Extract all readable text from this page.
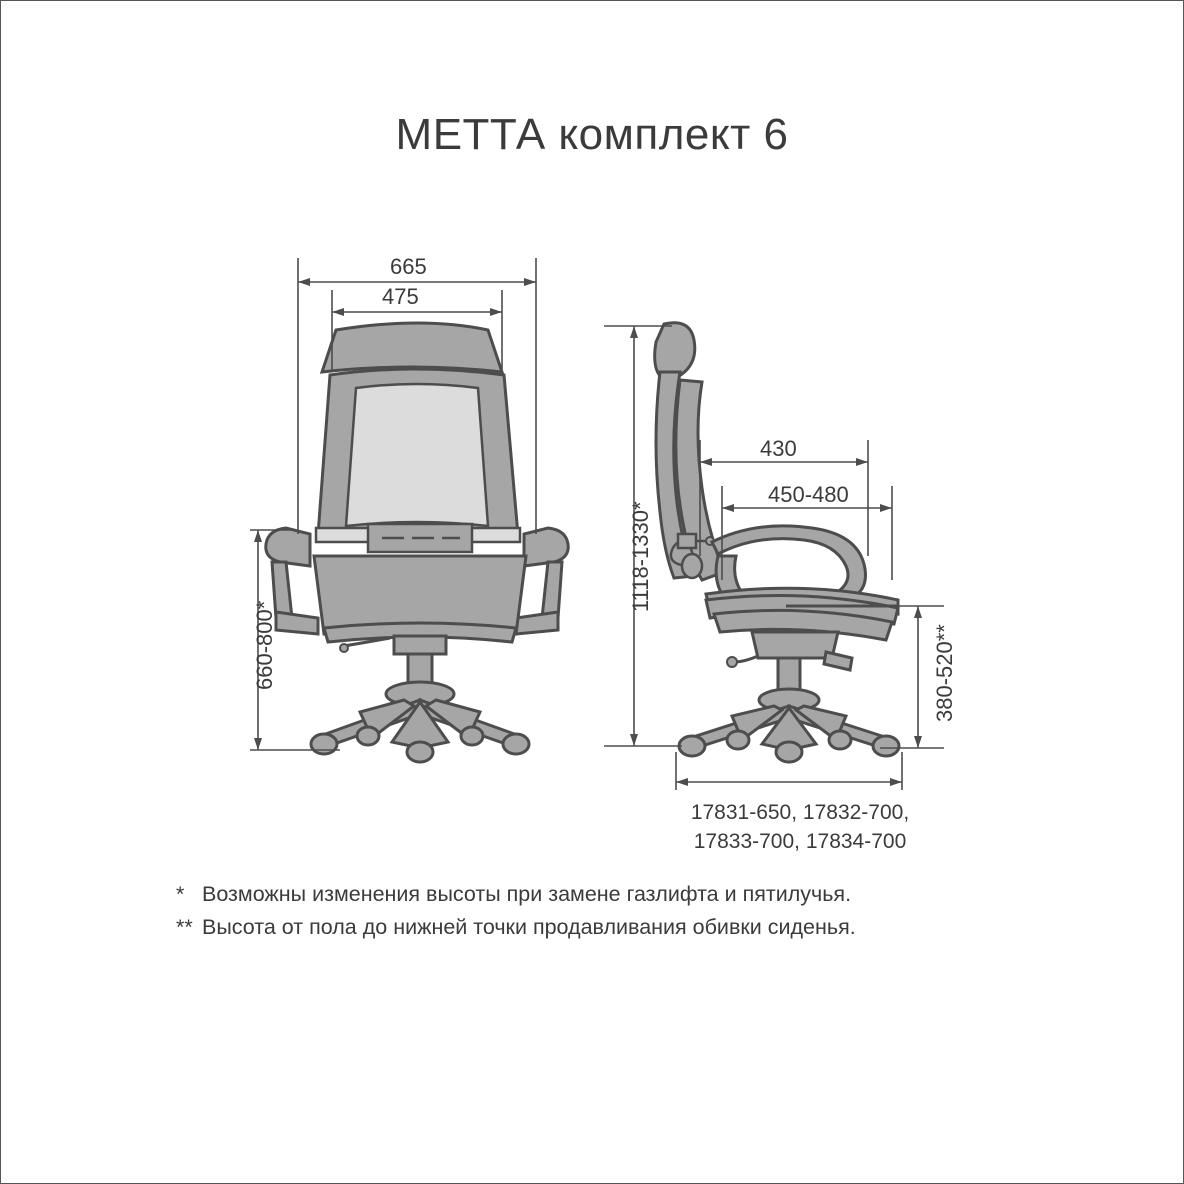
МЕТТА комплект 6
665
475
660-800*
1118-1330*
430
450-480
380-520**
17831-650, 17832-700,
17833-700, 17834-700
* Возможны изменения высоты при замене газлифта и пятилучья.
** Высота от пола до нижней точки продавливания обивки сиденья.
